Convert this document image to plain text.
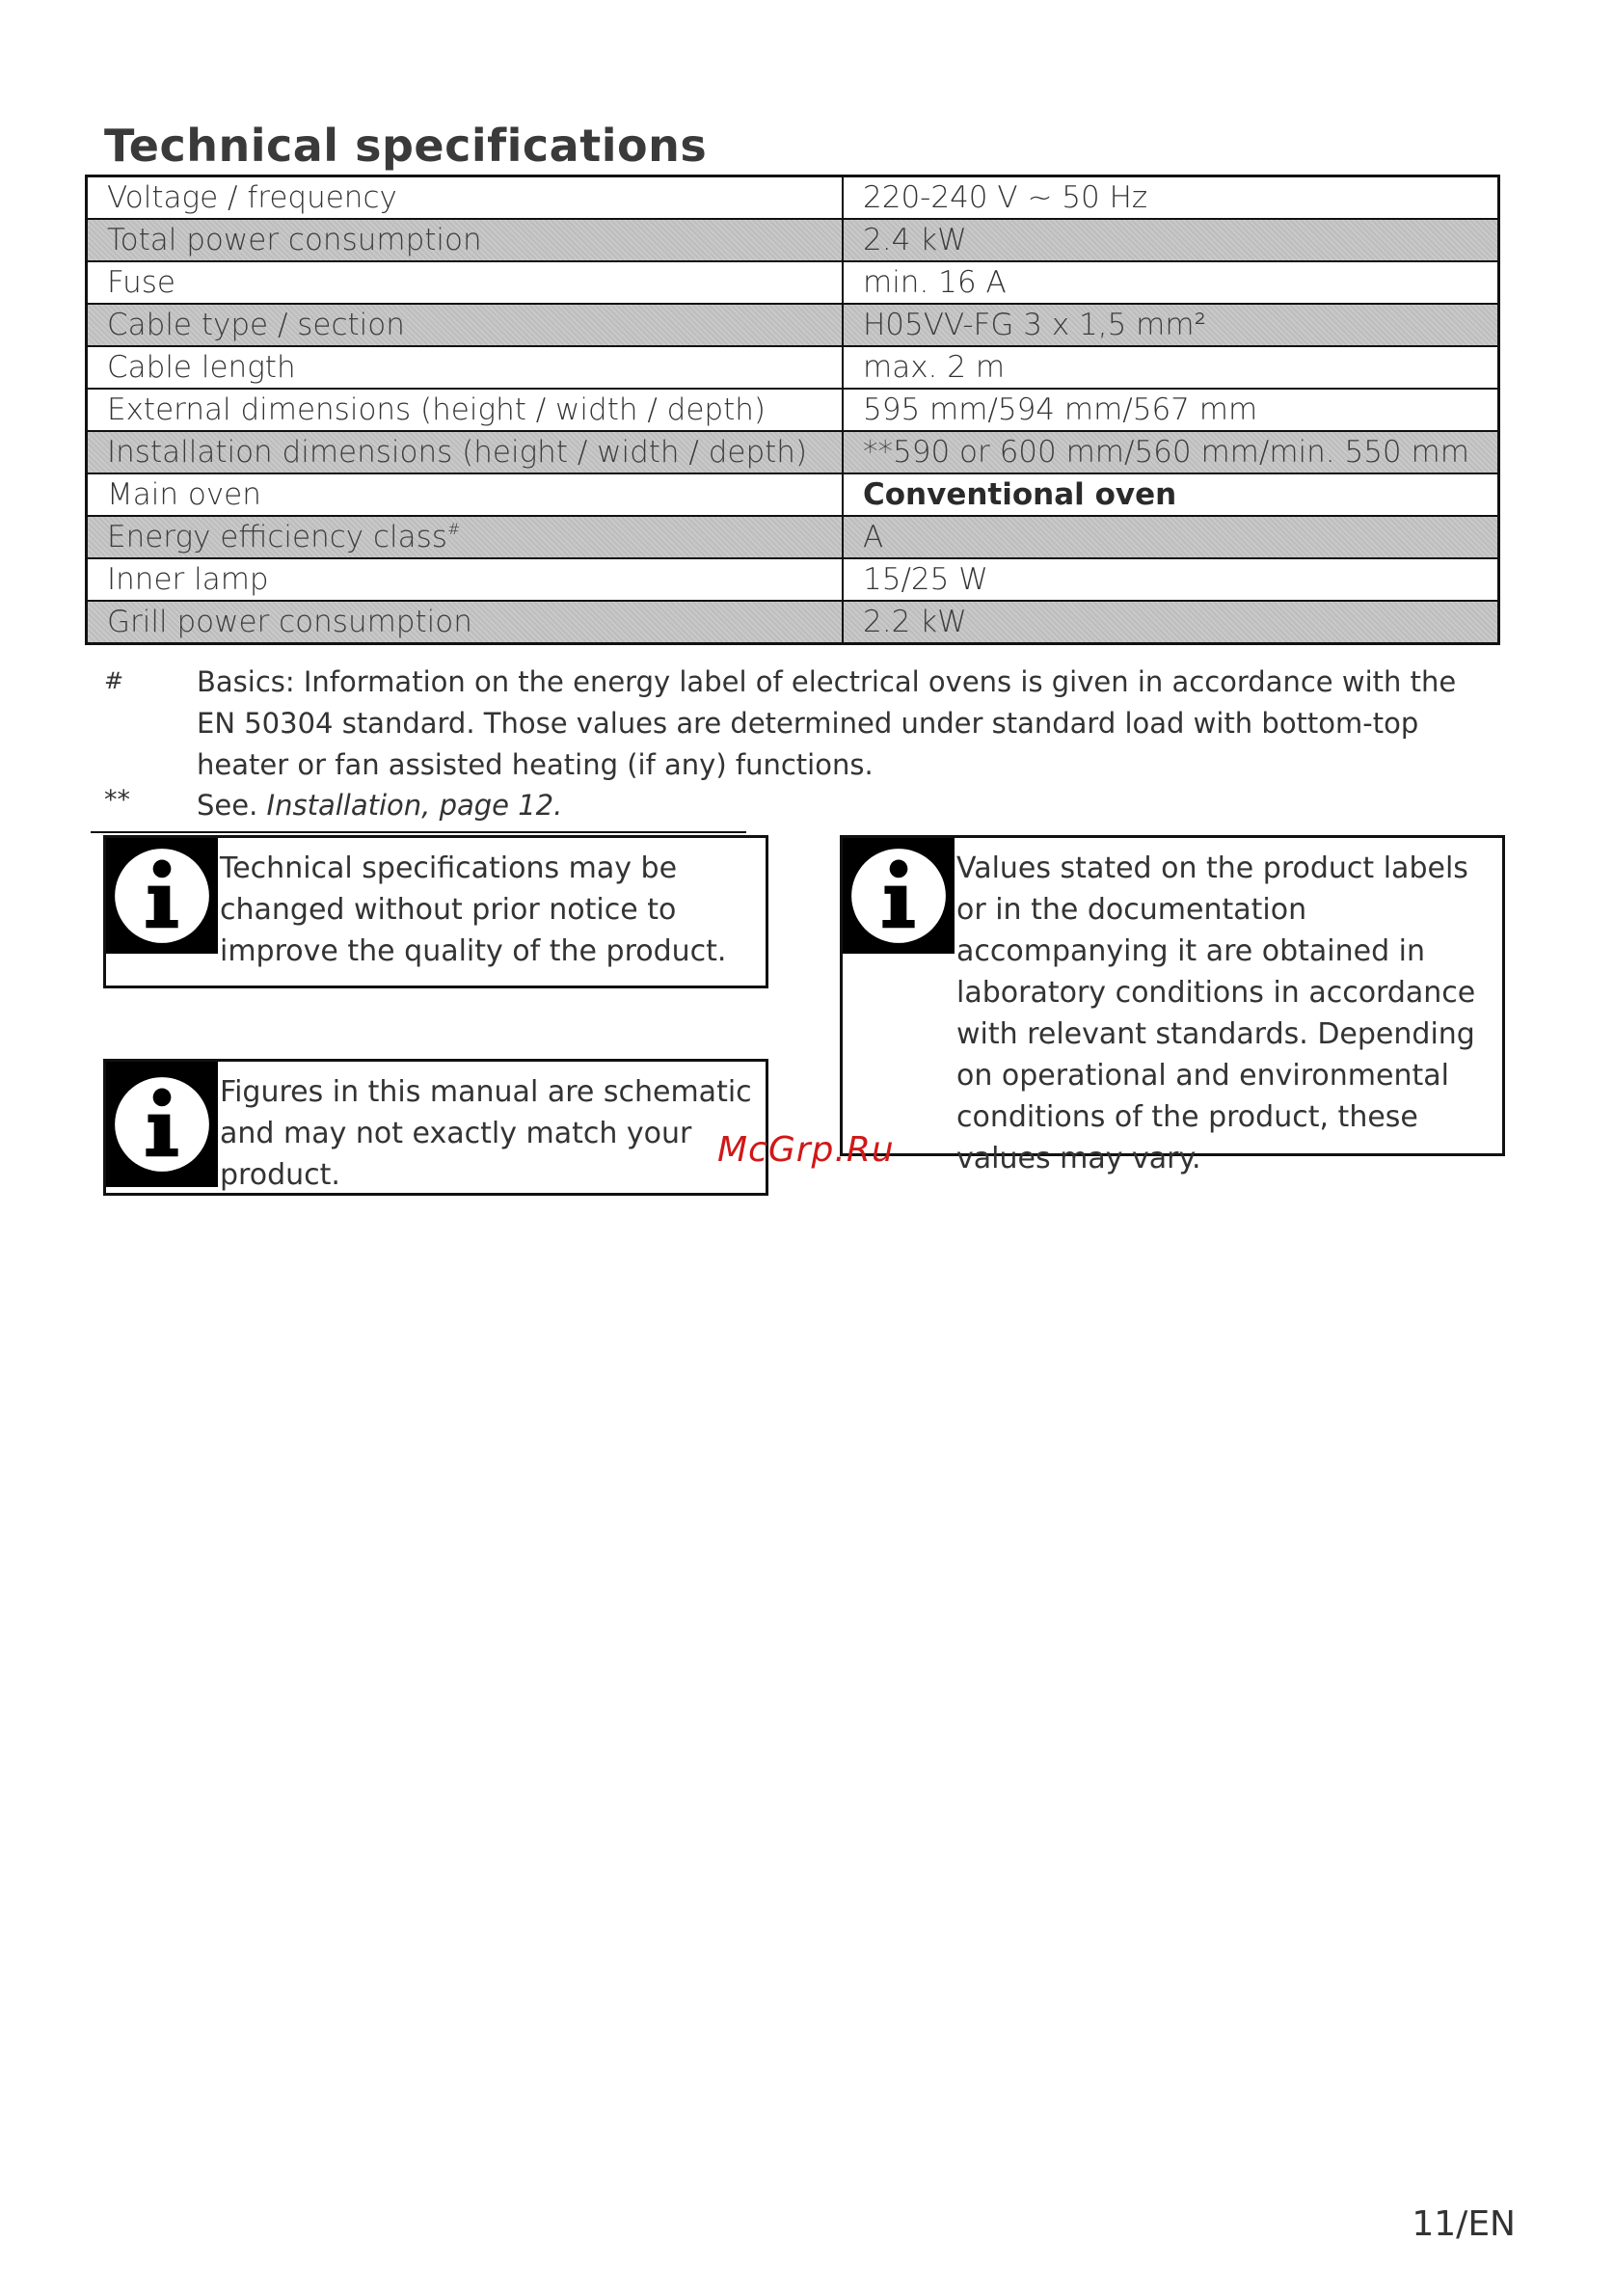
Technical specifications
Voltage / frequency	220-240 V ~ 50 Hz
Total power consumption	2.4 kW
Fuse	min. 16 A
Cable type / section	H05VV-FG 3 x 1,5 mm²
Cable length	max. 2 m
External dimensions (height / width / depth)	595 mm/594 mm/567 mm
Installation dimensions (height / width / depth)	**590 or 600 mm/560 mm/min. 550 mm
Main oven	Conventional oven
Energy efficiency class#	A
Inner lamp	15/25 W
Grill power consumption	2.2 kW
#	Basics: Information on the energy label of electrical ovens is given in accordance with the EN 50304 standard. Those values are determined under standard load with bottom-top heater or fan assisted heating (if any) functions.
** See. Installation, page 12.
Technical specifications may be changed without prior notice to improve the quality of the product.
Figures in this manual are schematic and may not exactly match your product.
Values stated on the product labels or in the documentation accompanying it are obtained in laboratory conditions in accordance with relevant standards. Depending on operational and environmental conditions of the product, these values may vary.
McGrp.Ru
11/EN
